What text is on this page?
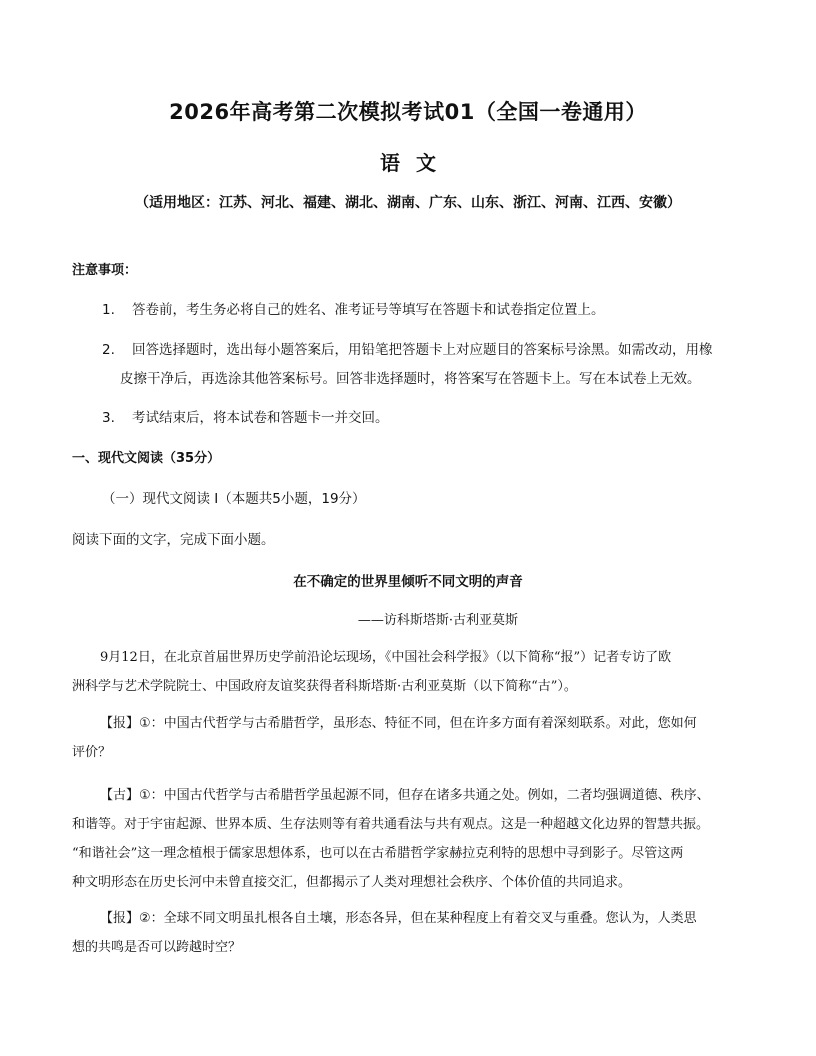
2026年高考第二次模拟考试01（全国一卷通用）
语文
（适用地区：江苏、河北、福建、湖北、湖南、广东、山东、浙江、河南、江西、安徽）
注意事项：
1. 答卷前，考生务必将自己的姓名、准考证号等填写在答题卡和试卷指定位置上。
2. 回答选择题时，选出每小题答案后，用铅笔把答题卡上对应题目的答案标号涂黑。如需改动，用橡
皮擦干净后，再选涂其他答案标号。回答非选择题时，将答案写在答题卡上。写在本试卷上无效。
3. 考试结束后，将本试卷和答题卡一并交回。
一、现代文阅读（35分）
（一）现代文阅读 I（本题共5小题，19分）
阅读下面的文字，完成下面小题。
在不确定的世界里倾听不同文明的声音
——访科斯塔斯·古利亚莫斯
9月12日，在北京首届世界历史学前沿论坛现场，《中国社会科学报》（以下简称“报”）记者专访了欧
洲科学与艺术学院院士、中国政府友谊奖获得者科斯塔斯·古利亚莫斯（以下简称“古”）。
【报】①：中国古代哲学与古希腊哲学，虽形态、特征不同，但在许多方面有着深刻联系。对此，您如何
评价？
【古】①：中国古代哲学与古希腊哲学虽起源不同，但存在诸多共通之处。例如，二者均强调道德、秩序、
和谐等。对于宇宙起源、世界本质、生存法则等有着共通看法与共有观点。这是一种超越文化边界的智慧共振。
“和谐社会”这一理念植根于儒家思想体系，也可以在古希腊哲学家赫拉克利特的思想中寻到影子。尽管这两
种文明形态在历史长河中未曾直接交汇，但都揭示了人类对理想社会秩序、个体价值的共同追求。
【报】②：全球不同文明虽扎根各自土壤，形态各异，但在某种程度上有着交叉与重叠。您认为，人类思
想的共鸣是否可以跨越时空？
